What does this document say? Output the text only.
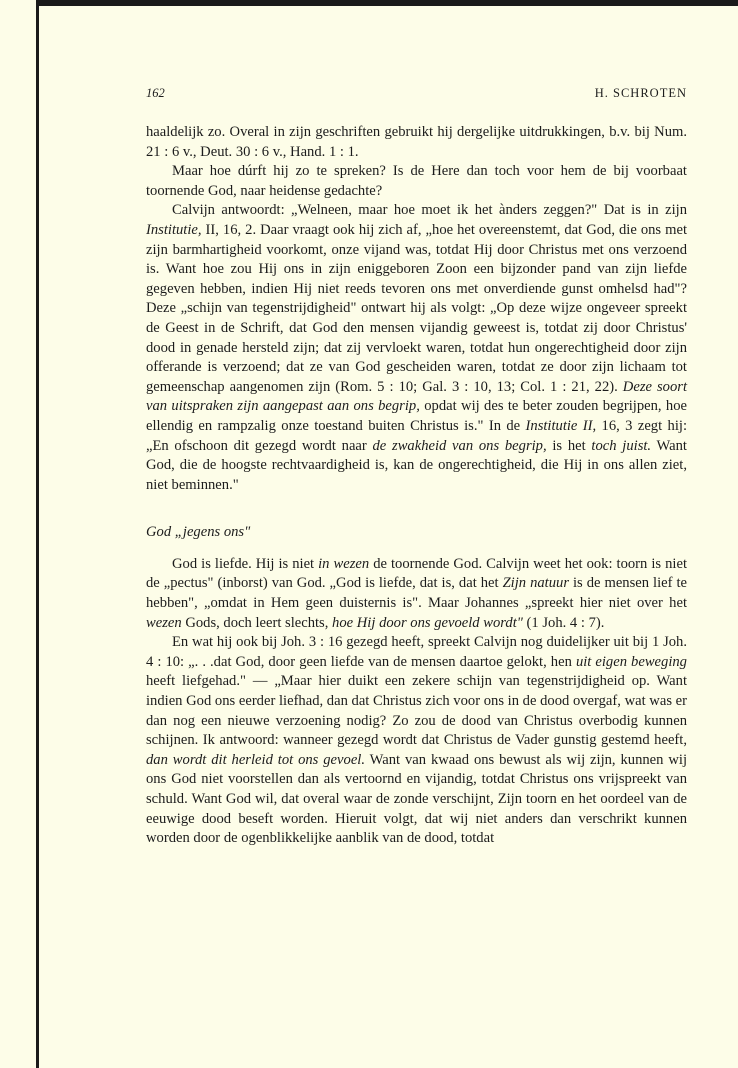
162	H. SCHROTEN

haaldelijk zo. Overal in zijn geschriften gebruikt hij dergelijke uitdrukkingen, b.v. bij Num. 21 : 6 v., Deut. 30 : 6 v., Hand. 1 : 1.

Maar hoe dúrft hij zo te spreken? Is de Here dan toch voor hem de bij voorbaat toornende God, naar heidense gedachte?

Calvijn antwoordt: „Welneen, maar hoe moet ik het ànders zeggen?" Dat is in zijn Institutie, II, 16, 2. Daar vraagt ook hij zich af, „hoe het overeenstemt, dat God, die ons met zijn barmhartigheid voorkomt, onze vijand was, totdat Hij door Christus met ons verzoend is. Want hoe zou Hij ons in zijn eniggeboren Zoon een bijzonder pand van zijn liefde gegeven hebben, indien Hij niet reeds tevoren ons met onverdiende gunst omhelsd had"? Deze „schijn van tegenstrijdigheid" ontwart hij als volgt: „Op deze wijze ongeveer spreekt de Geest in de Schrift, dat God den mensen vijandig geweest is, totdat zij door Christus' dood in genade hersteld zijn; dat zij vervloekt waren, totdat hun ongerechtigheid door zijn offerande is verzoend; dat ze van God gescheiden waren, totdat ze door zijn lichaam tot gemeenschap aangenomen zijn (Rom. 5 : 10; Gal. 3 : 10, 13; Col. 1 : 21, 22). Deze soort van uitspraken zijn aangepast aan ons begrip, opdat wij des te beter zouden begrijpen, hoe ellendig en rampzalig onze toestand buiten Christus is." In de Institutie II, 16, 3 zegt hij: „En ofschoon dit gezegd wordt naar de zwakheid van ons begrip, is het toch juist. Want God, die de hoogste rechtvaardigheid is, kan de ongerechtigheid, die Hij in ons allen ziet, niet beminnen."

God „jegens ons"

God is liefde. Hij is niet in wezen de toornende God. Calvijn weet het ook: toorn is niet de „pectus" (inborst) van God. „God is liefde, dat is, dat het Zijn natuur is de mensen lief te hebben", „omdat in Hem geen duisternis is". Maar Johannes „spreekt hier niet over het wezen Gods, doch leert slechts, hoe Hij door ons gevoeld wordt" (1 Joh. 4 : 7).

En wat hij ook bij Joh. 3 : 16 gezegd heeft, spreekt Calvijn nog duidelijker uit bij 1 Joh. 4 : 10: „. . .dat God, door geen liefde van de mensen daartoe gelokt, hen uit eigen beweging heeft liefgehad." — „Maar hier duikt een zekere schijn van tegenstrijdigheid op. Want indien God ons eerder liefhad, dan dat Christus zich voor ons in de dood overgaf, wat was er dan nog een nieuwe verzoening nodig? Zo zou de dood van Christus overbodig kunnen schijnen. Ik antwoord: wanneer gezegd wordt dat Christus de Vader gunstig gestemd heeft, dan wordt dit herleid tot ons gevoel. Want van kwaad ons bewust als wij zijn, kunnen wij ons God niet voorstellen dan als vertoornd en vijandig, totdat Christus ons vrijspreekt van schuld. Want God wil, dat overal waar de zonde verschijnt, Zijn toorn en het oordeel van de eeuwige dood beseft worden. Hieruit volgt, dat wij niet anders dan verschrikt kunnen worden door de ogenblikkelijke aanblik van de dood, totdat
